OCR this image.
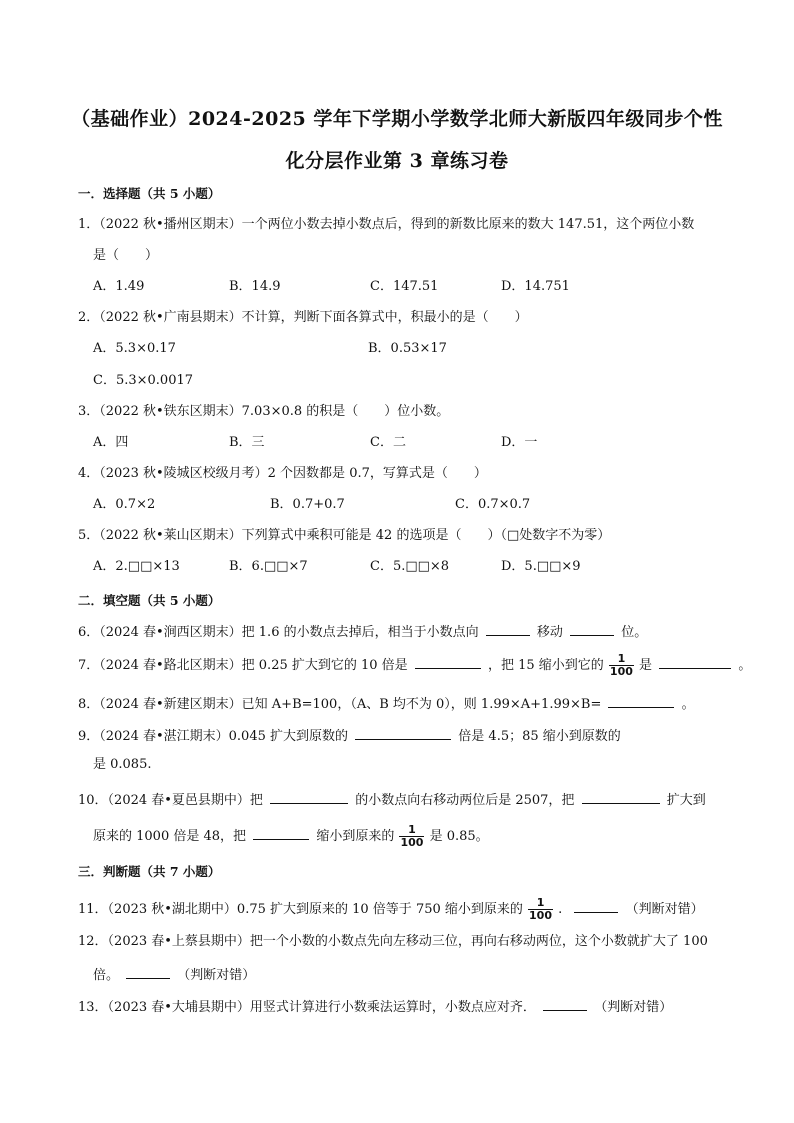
（基础作业）2024-2025 学年下学期小学数学北师大新版四年级同步个性
化分层作业第 3 章练习卷
一．选择题（共 5 小题）
1．（2022 秋•播州区期末）一个两位小数去掉小数点后，得到的新数比原来的数大 147.51，这个两位小数
是（　　）
A．1.49	B．14.9	C．147.51	D．14.751
2．（2022 秋•广南县期末）不计算，判断下面各算式中，积最小的是（　　）
A．5.3×0.17	B．0.53×17
C．5.3×0.0017
3．（2022 秋•铁东区期末）7.03×0.8 的积是（　　）位小数。
A．四	B．三	C．二	D．一
4．（2023 秋•陵城区校级月考）2 个因数都是 0.7，写算式是（　　）
A．0.7×2	B．0.7+0.7	C．0.7×0.7
5．（2022 秋•莱山区期末）下列算式中乘积可能是 42 的选项是（　　）（□处数字不为零）
A．2.□□×13	B．6.□□×7	C．5.□□×8	D．5.□□×9
二．填空题（共 5 小题）
6．（2024 春•涧西区期末）把 1.6 的小数点去掉后，相当于小数点向	移动	位。
7．（2024 春•路北区期末）把 0.25 扩大到它的 10 倍是	，把 15 缩小到它的 $\frac{1}{100}$ 是	。
8．（2024 春•新建区期末）已知 A+B=100，（A、B 均不为 0），则 1.99×A+1.99×B=	。
9．（2024 春•湛江期末）0.045 扩大到原数的	倍是 4.5；85 缩小到原数的
是 0.085.
10．（2024 春•夏邑县期中）把	的小数点向右移动两位后是 2507，把	扩大到
原来的 1000 倍是 48，把	缩小到原来的 $\frac{1}{100}$ 是 0.85。
三．判断题（共 7 小题）
11．（2023 秋•湖北期中）0.75 扩大到原来的 10 倍等于 750 缩小到原来的 $\frac{1}{100}$ .	（判断对错）
12．（2023 春•上蔡县期中）把一个小数的小数点先向左移动三位，再向右移动两位，这个小数就扩大了 100
倍。	（判断对错）
13．（2023 春•大埔县期中）用竖式计算进行小数乘法运算时，小数点应对齐．	（判断对错）
